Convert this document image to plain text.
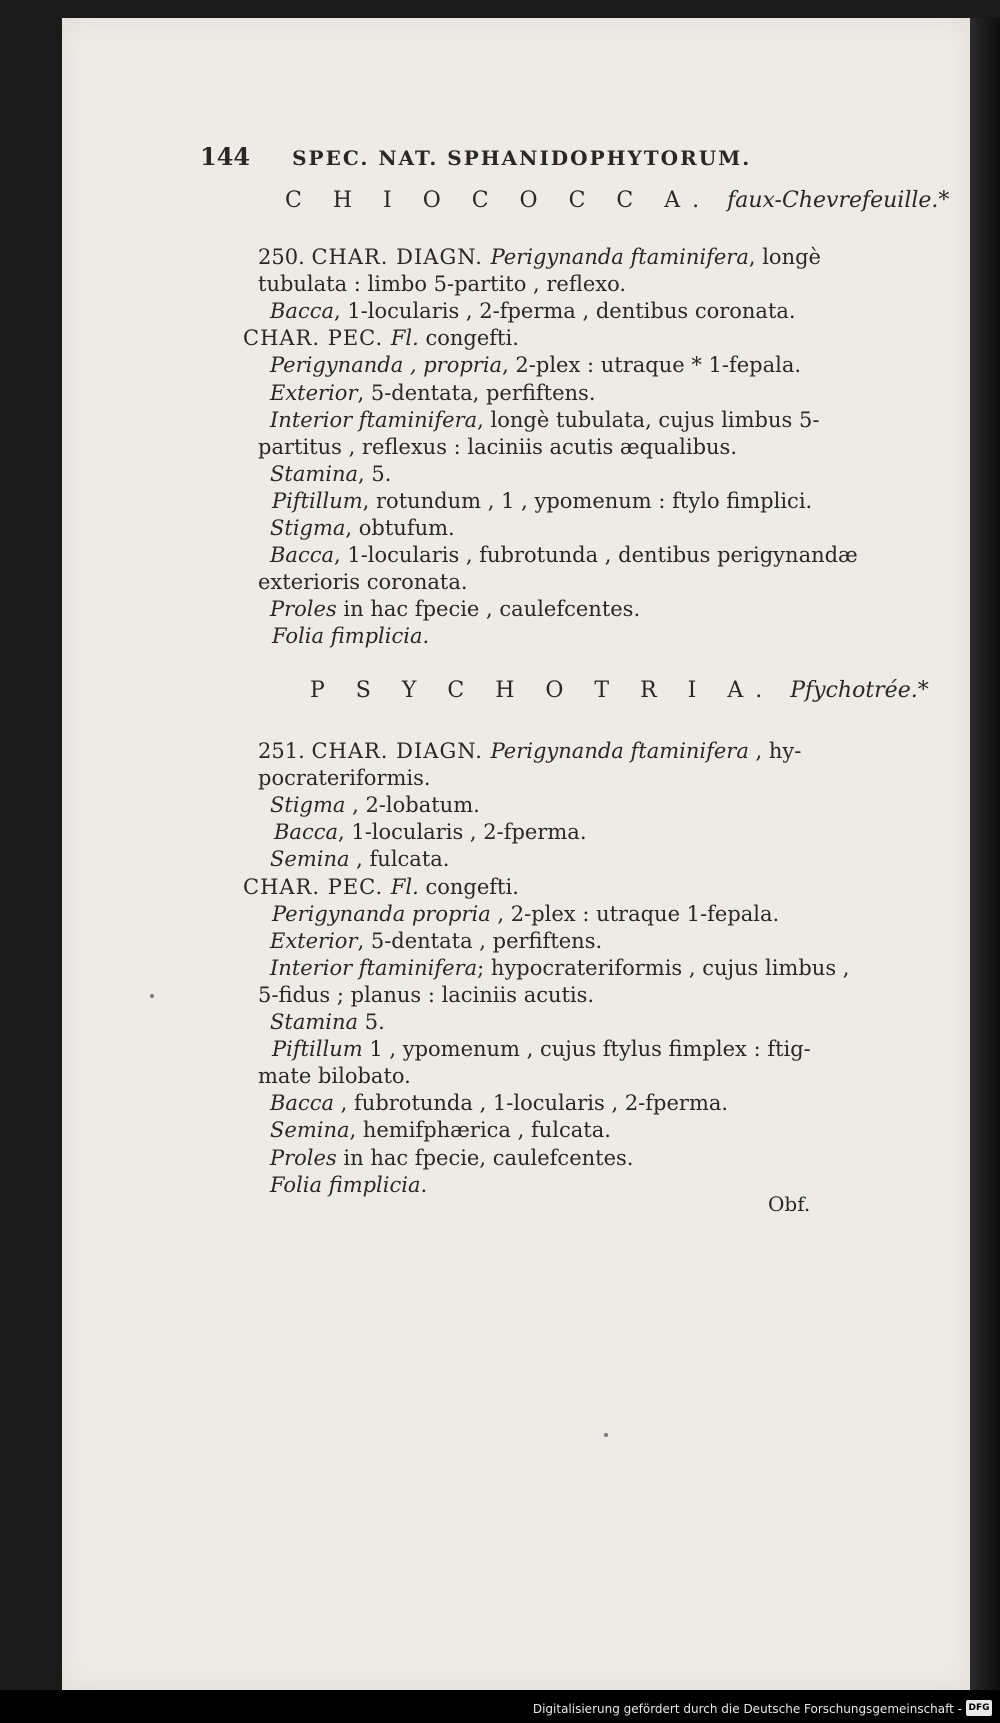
144 SPEC. NAT. SPHANIDOPHYTORUM.
C H I O C O C C A. faux-Chevrefeuille.*
250. CHAR. DIAGN. Perigynanda ftaminifera, longè
tubulata : limbo 5-partito , reflexo.
Bacca, 1-locularis , 2-fperma , dentibus coronata.
CHAR. PEC. Fl. congefti.
Perigynanda , propria, 2-plex : utraque * 1-fepala.
Exterior, 5-dentata, perfiftens.
Interior ftaminifera, longè tubulata, cujus limbus 5-
partitus , reflexus : laciniis acutis æqualibus.
Stamina, 5.
Piftillum, rotundum , 1 , ypomenum : ftylo fimplici.
Stigma, obtufum.
Bacca, 1-locularis , fubrotunda , dentibus perigynandæ
exterioris coronata.
Proles in hac fpecie , caulefcentes.
Folia fimplicia.
P S Y C H O T R I A. Pfychotrée.*
251. CHAR. DIAGN. Perigynanda ftaminifera , hy-
pocrateriformis.
Stigma , 2-lobatum.
Bacca, 1-locularis , 2-fperma.
Semina , fulcata.
CHAR. PEC. Fl. congefti.
Perigynanda propria , 2-plex : utraque 1-fepala.
Exterior, 5-dentata , perfiftens.
Interior ftaminifera; hypocrateriformis , cujus limbus ,
5-fidus ; planus : laciniis acutis.
Stamina 5.
Piftillum 1 , ypomenum , cujus ftylus fimplex : ftig-
mate bilobato.
Bacca , fubrotunda , 1-locularis , 2-fperma.
Semina, hemifphærica , fulcata.
Proles in hac fpecie, caulefcentes.
Folia fimplicia.
Obf.
Digitalisierung gefördert durch die Deutsche Forschungsgemeinschaft - DFG
